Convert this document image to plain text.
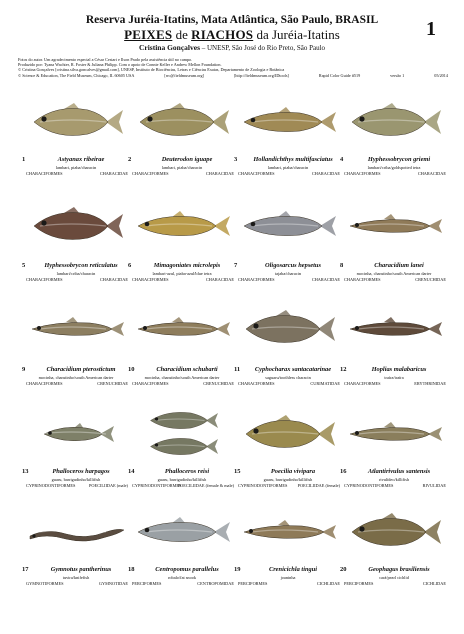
Reserva Juréia-Itatins, Mata Atlântica, São Paulo, BRASIL
PEIXES de RIACHOS da Juréia-Itatins
Cristina Gonçalves – UNESP, São José do Rio Preto, São Paulo
1
Fotos do autor. Um agradecimento especial a César Cestari e Ilson Prado pela assistência útil no campo.
Produzido por: Tyana Wachter, R. Foster & Juliana Philipp. Com o apoio de Connie Keller e Andrew Mellon Foundation.
© Cristina Gonçalves [cristina.silva.goncalves@gmail.com], UNESP, Instituto de Biociências, Letras e Ciências Exatas, Departamento de Zoologia e Botânica
© Science & Education, The Field Museum, Chicago, IL 60605 USA	[rrc@fieldmuseum.org]	[http://fieldmuseum.org/IDtools]	Rapid Color Guide #519	versão 1	05/2014
1	Astyanax ribeirae
lambari, piaba/characin
CHARACIFORMES	CHARACIDAE
2	Deuterodon iguape
lambari, piaba/characin
CHARACIFORMES	CHARACIDAE
3	Hollandichthys multifasciatus
lambari, piaba/characin
CHARACIFORMES	CHARACIDAE
4	Hyphessobrycon griemi
lambari/criba/goldspotted tetra
CHARACIFORMES	CHARACIDAE
5	Hyphessobrycon reticulatus
lambari/criba/characin
CHARACIFORMES	CHARACIDAE
6	Mimagoniates microlepis
lambari-azul, piaba-azul/blue tetra
CHARACIFORMES	CHARACIDAE
7	Oligosarcus hepsetus
tajaba/characin
CHARACIFORMES	CHARACIDAE
8	Characidium lanei
mocinha, charutinho/south American darter
CHARACIFORMES	CRENUCHIDAE
9	Characidium pterostictum
mocinha, charutinho/south American darter
CHARACIFORMES	CRENUCHIDAE
10	Characidium schubarti
mocinha, charutinho/south American darter
CHARACIFORMES	CRENUCHIDAE
11	Cyphocharax santacatarinae
saguaru/toothless characin
CHARACIFORMES	CURIMATIDAE
12	Hoplias malabaricus
traíra/traíra
CHARACIFORMES	ERYTHRINIDAE
13	Phalloceros harpagos
guaru, barrigudinho/killifish
CYPRINODONTIFORMES	POECILIIDAE (male)
14	Phalloceros reisi
guaru, barrigudinho/killifish
CYPRINODONTIFORMES
POECILIIDAE (female & male)
15	Poecilia vivipara
guaru, barrigudinho/killifish
CYPRINODONTIFORMES POECILIIDAE (female)
16	Atlantirivulus santensis
rivulídeo/killifish
CYPRINODONTIFORMES	RIVULIDAE
17	Gymnotus pantherinus
tuvira/knifefish
GYMNOTIFORMES	GYMNOTIDAE
18	Centropomus parallelus
robalo/fat snook
PERCIFORMES	CENTROPOMIDAE
19	Crenicichla tingui
joaninha
PERCIFORMES	CICHLIDAE
20	Geophagus brasiliensis
cará/pearl cichlid
PERCIFORMES	CICHLIDAE
